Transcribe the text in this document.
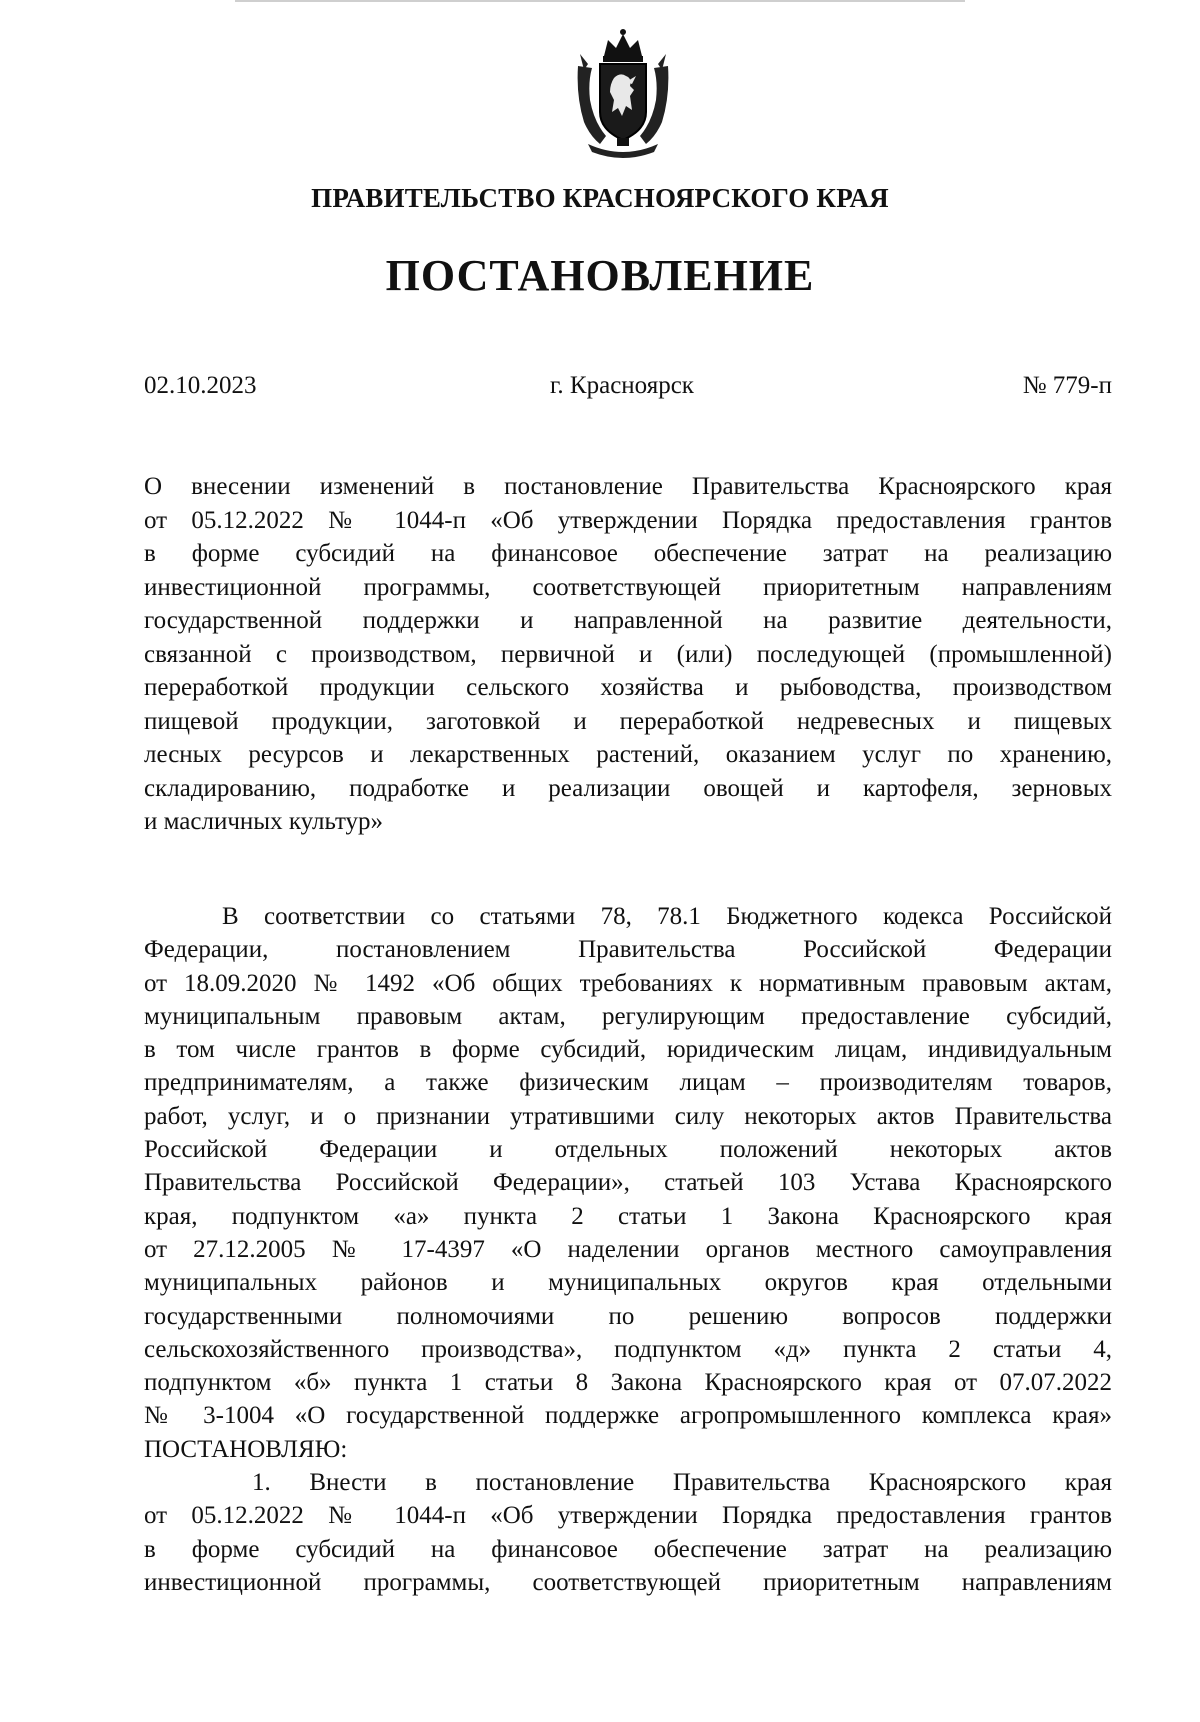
ПРАВИТЕЛЬСТВО КРАСНОЯРСКОГО КРАЯ
ПОСТАНОВЛЕНИЕ
02.10.2023	г. Красноярск	№ 779-п
О внесении изменений в постановление Правительства Красноярского края
от 05.12.2022 № 1044-п «Об утверждении Порядка предоставления грантов
в форме субсидий на финансовое обеспечение затрат на реализацию
инвестиционной программы, соответствующей приоритетным направлениям
государственной поддержки и направленной на развитие деятельности,
связанной с производством, первичной и (или) последующей (промышленной)
переработкой продукции сельского хозяйства и рыбоводства, производством
пищевой продукции, заготовкой и переработкой недревесных и пищевых
лесных ресурсов и лекарственных растений, оказанием услуг по хранению,
складированию, подработке и реализации овощей и картофеля, зерновых
и масличных культур»
В соответствии со статьями 78, 78.1 Бюджетного кодекса Российской
Федерации, постановлением Правительства Российской Федерации
от 18.09.2020 № 1492 «Об общих требованиях к нормативным правовым актам,
муниципальным правовым актам, регулирующим предоставление субсидий,
в том числе грантов в форме субсидий, юридическим лицам, индивидуальным
предпринимателям, а также физическим лицам – производителям товаров,
работ, услуг, и о признании утратившими силу некоторых актов Правительства
Российской Федерации и отдельных положений некоторых актов
Правительства Российской Федерации», статьей 103 Устава Красноярского
края, подпунктом «а» пункта 2 статьи 1 Закона Красноярского края
от 27.12.2005 № 17-4397 «О наделении органов местного самоуправления
муниципальных районов и муниципальных округов края отдельными
государственными полномочиями по решению вопросов поддержки
сельскохозяйственного производства», подпунктом «д» пункта 2 статьи 4,
подпунктом «б» пункта 1 статьи 8 Закона Красноярского края от 07.07.2022
№ 3-1004 «О государственной поддержке агропромышленного комплекса края»
ПОСТАНОВЛЯЮ:
1. Внести в постановление Правительства Красноярского края
от 05.12.2022 № 1044-п «Об утверждении Порядка предоставления грантов
в форме субсидий на финансовое обеспечение затрат на реализацию
инвестиционной программы, соответствующей приоритетным направлениям
